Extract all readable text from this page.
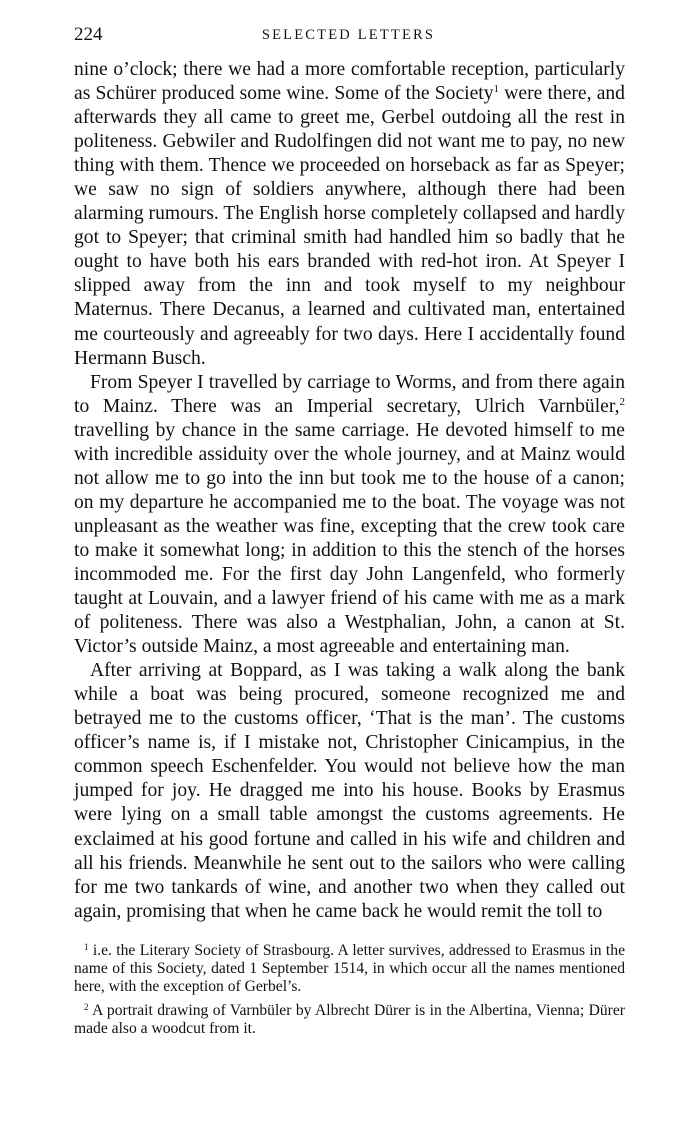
224	SELECTED LETTERS

nine o’clock; there we had a more comfortable reception, particularly as Schürer produced some wine. Some of the Society$^1$ were there, and afterwards they all came to greet me, Gerbel outdoing all the rest in politeness. Gebwiler and Rudolfingen did not want me to pay, no new thing with them. Thence we proceeded on horseback as far as Speyer; we saw no sign of soldiers anywhere, although there had been alarming rumours. The English horse completely collapsed and hardly got to Speyer; that criminal smith had handled him so badly that he ought to have both his ears branded with red-hot iron. At Speyer I slipped away from the inn and took myself to my neighbour Maternus. There Decanus, a learned and cultivated man, entertained me courteously and agreeably for two days. Here I accidentally found Hermann Busch.

From Speyer I travelled by carriage to Worms, and from there again to Mainz. There was an Imperial secretary, Ulrich Varnbüler,$^2$ travelling by chance in the same carriage. He devoted himself to me with incredible assiduity over the whole journey, and at Mainz would not allow me to go into the inn but took me to the house of a canon; on my departure he accompanied me to the boat. The voyage was not unpleasant as the weather was fine, excepting that the crew took care to make it somewhat long; in addition to this the stench of the horses incommoded me. For the first day John Langenfeld, who formerly taught at Louvain, and a lawyer friend of his came with me as a mark of politeness. There was also a Westphalian, John, a canon at St. Victor’s outside Mainz, a most agreeable and entertaining man.

After arriving at Boppard, as I was taking a walk along the bank while a boat was being procured, someone recognized me and betrayed me to the customs officer, ‘That is the man’. The customs officer’s name is, if I mistake not, Christopher Cinicampius, in the common speech Eschenfelder. You would not believe how the man jumped for joy. He dragged me into his house. Books by Erasmus were lying on a small table amongst the customs agreements. He exclaimed at his good fortune and called in his wife and children and all his friends. Meanwhile he sent out to the sailors who were calling for me two tankards of wine, and another two when they called out again, promising that when he came back he would remit the toll to

$^1$ i.e. the Literary Society of Strasbourg. A letter survives, addressed to Erasmus in the name of this Society, dated 1 September 1514, in which occur all the names mentioned here, with the exception of Gerbel’s.

$^2$ A portrait drawing of Varnbüler by Albrecht Dürer is in the Albertina, Vienna; Dürer made also a woodcut from it.
